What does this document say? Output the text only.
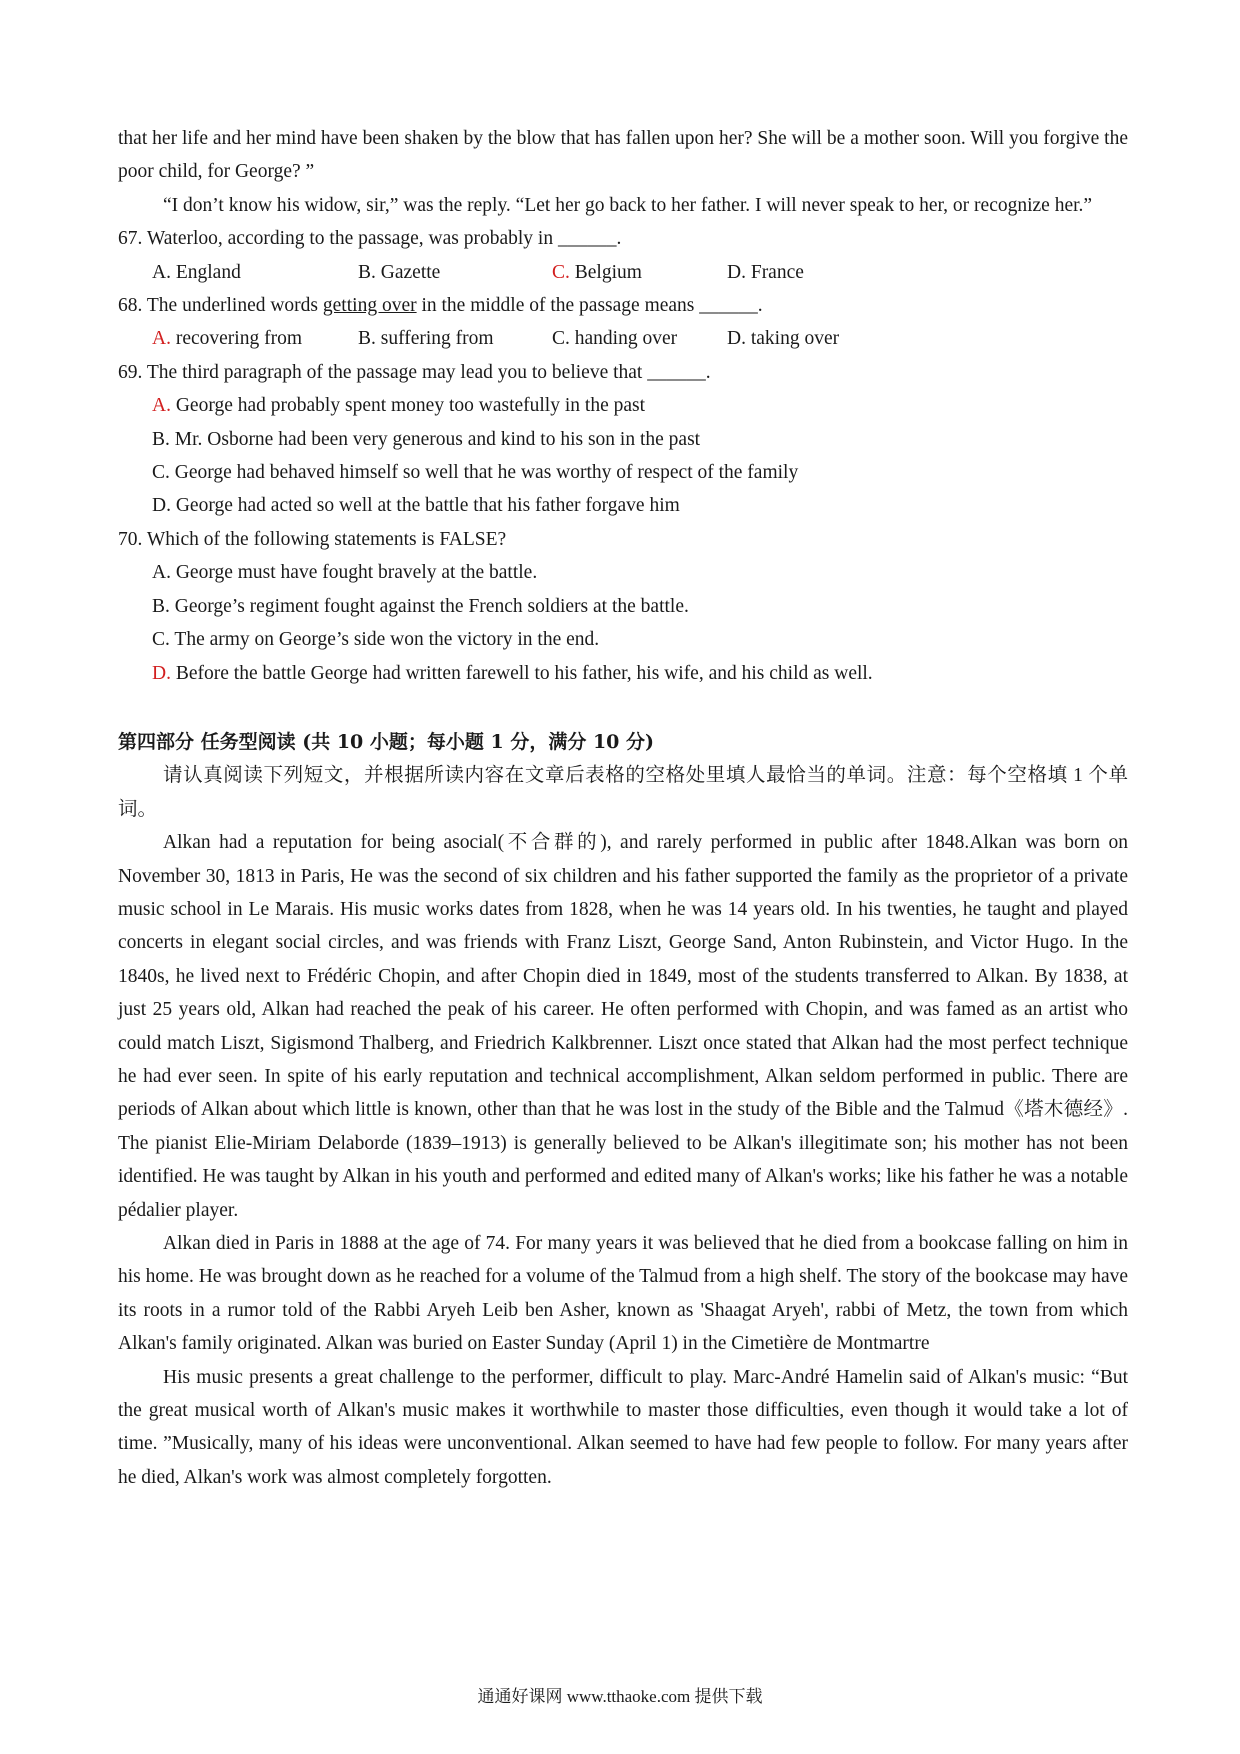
that her life and her mind have been shaken by the blow that has fallen upon her? She will be a mother soon. Will you forgive the poor child, for George? ”

“I don’t know his widow, sir,” was the reply. “Let her go back to her father. I will never speak to her, or recognize her.”

67. Waterloo, according to the passage, was probably in ______.

A. England	B. Gazette	C. Belgium	D. France

68. The underlined words getting over in the middle of the passage means ______.

A. recovering from	B. suffering from	C. handing over	D. taking over

69. The third paragraph of the passage may lead you to believe that ______.

A. George had probably spent money too wastefully in the past

B. Mr. Osborne had been very generous and kind to his son in the past

C. George had behaved himself so well that he was worthy of respect of the family

D. George had acted so well at the battle that his father forgave him

70. Which of the following statements is FALSE?

A. George must have fought bravely at the battle.

B. George’s regiment fought against the French soldiers at the battle.

C. The army on George’s side won the victory in the end.

D. Before the battle George had written farewell to his father, his wife, and his child as well.

第四部分 任务型阅读 (共 10 小题；每小题 1 分，满分 10 分)

请认真阅读下列短文，并根据所读内容在文章后表格的空格处里填人最恰当的单词。注意：每个空格填 1 个单词。

Alkan had a reputation for being asocial(不合群的), and rarely performed in public after 1848.Alkan was born on November 30, 1813 in Paris, He was the second of six children and his father supported the family as the proprietor of a private music school in Le Marais. His music works dates from 1828, when he was 14 years old. In his twenties, he taught and played concerts in elegant social circles, and was friends with Franz Liszt, George Sand, Anton Rubinstein, and Victor Hugo. In the 1840s, he lived next to Frédéric Chopin, and after Chopin died in 1849, most of the students transferred to Alkan. By 1838, at just 25 years old, Alkan had reached the peak of his career. He often performed with Chopin, and was famed as an artist who could match Liszt, Sigismond Thalberg, and Friedrich Kalkbrenner. Liszt once stated that Alkan had the most perfect technique he had ever seen. In spite of his early reputation and technical accomplishment, Alkan seldom performed in public. There are periods of Alkan about which little is known, other than that he was lost in the study of the Bible and the Talmud《塔木德经》. The pianist Elie-Miriam Delaborde (1839–1913) is generally believed to be Alkan's illegitimate son; his mother has not been identified. He was taught by Alkan in his youth and performed and edited many of Alkan's works; like his father he was a notable pédalier player.

Alkan died in Paris in 1888 at the age of 74. For many years it was believed that he died from a bookcase falling on him in his home. He was brought down as he reached for a volume of the Talmud from a high shelf. The story of the bookcase may have its roots in a rumor told of the Rabbi Aryeh Leib ben Asher, known as 'Shaagat Aryeh', rabbi of Metz, the town from which Alkan's family originated. Alkan was buried on Easter Sunday (April 1) in the Cimetière de Montmartre

His music presents a great challenge to the performer, difficult to play. Marc-André Hamelin said of Alkan's music: “But the great musical worth of Alkan's music makes it worthwhile to master those difficulties, even though it would take a lot of time. ”Musically, many of his ideas were unconventional. Alkan seemed to have had few people to follow. For many years after he died, Alkan's work was almost completely forgotten.

通通好课网 www.tthaoke.com 提供下载
